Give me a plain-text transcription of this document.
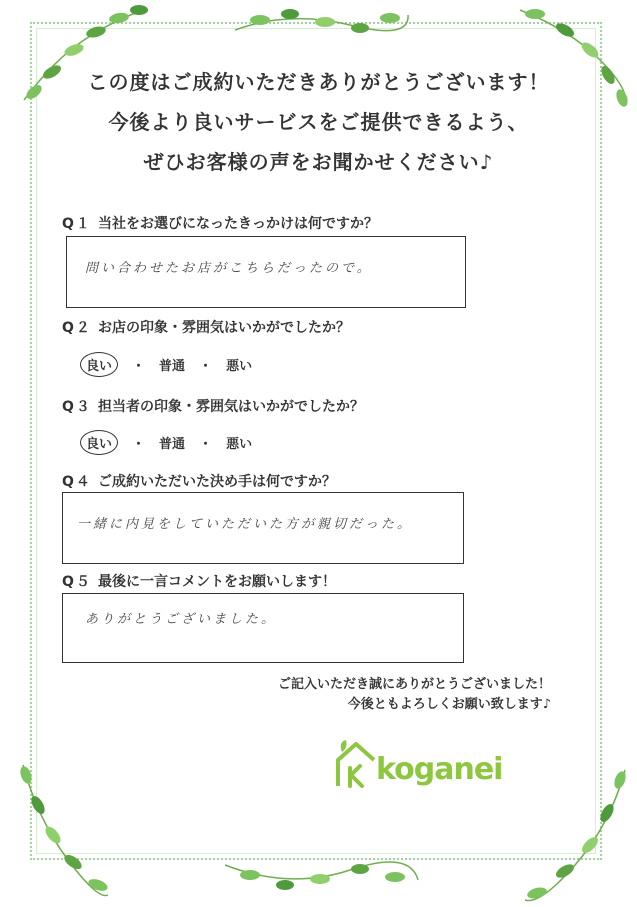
この度はご成約いただきありがとうございます！
今後より良いサービスをご提供できるよう、
ぜひお客様の声をお聞かせください♪
Q１ 当社をお選びになったきっかけは何ですか？
問い合わせたお店がこちらだったので。
Q２ お店の印象・雰囲気はいかがでしたか？
良い ・ 普通 ・ 悪い
Q３ 担当者の印象・雰囲気はいかがでしたか？
良い ・ 普通 ・ 悪い
Q４ ご成約いただいた決め手は何ですか？
一緒に内見をしていただいた方が親切だった。
Q５ 最後に一言コメントをお願いします！
ありがとうございました。
ご記入いただき誠にありがとうございました！
今後ともよろしくお願い致します♪
koganei
